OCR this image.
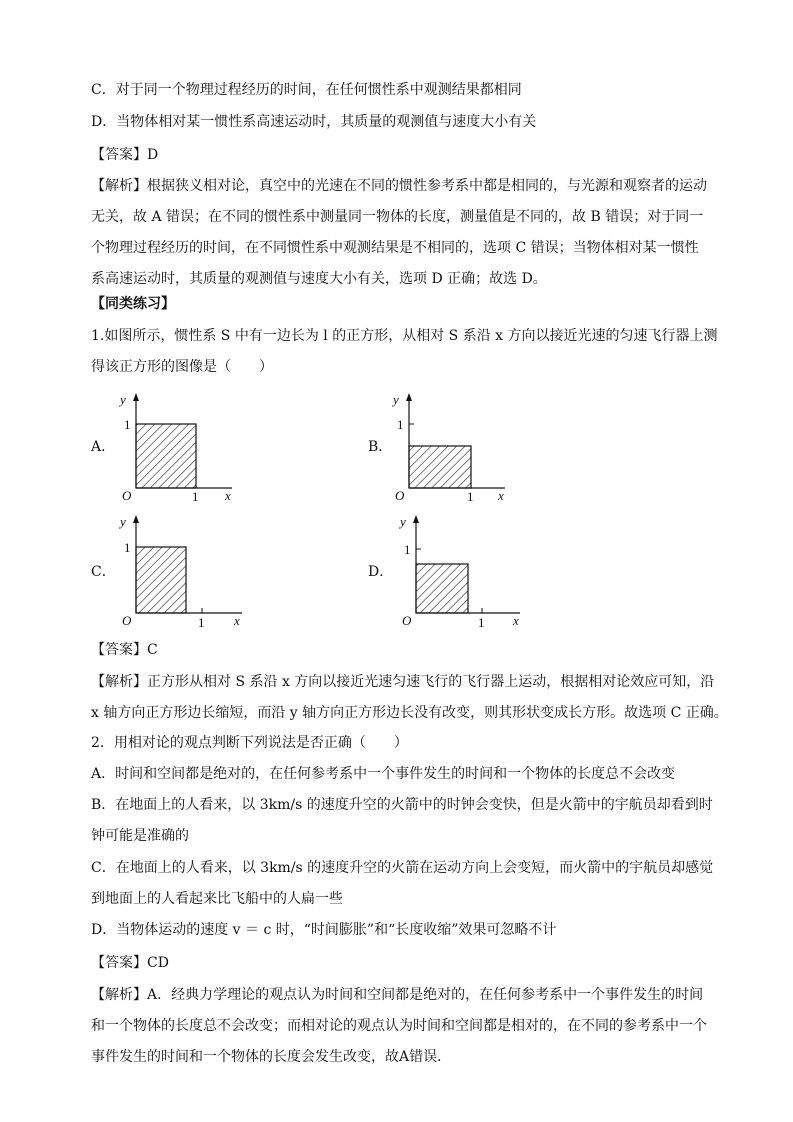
C．对于同一个物理过程经历的时间，在任何惯性系中观测结果都相同
D．当物体相对某一惯性系高速运动时，其质量的观测值与速度大小有关
【答案】D
【解析】根据狭义相对论，真空中的光速在不同的惯性参考系中都是相同的，与光源和观察者的运动
无关，故 A 错误；在不同的惯性系中测量同一物体的长度，测量值是不同的，故 B 错误；对于同一
个物理过程经历的时间，在不同惯性系中观测结果是不相同的，选项 C 错误；当物体相对某一惯性
系高速运动时，其质量的观测值与速度大小有关，选项 D 正确；故选 D。
【同类练习】
1.如图所示，惯性系 S 中有一边长为 l 的正方形，从相对 S 系沿 x 方向以接近光速的匀速飞行器上测
得该正方形的图像是（　　）
A．	B．
C．	D．
y
1
O	1 x
y
1
O	1 x
y
1
O	1 x
y
1
O	1 x
【答案】C
【解析】正方形从相对 S 系沿 x 方向以接近光速匀速飞行的飞行器上运动，根据相对论效应可知，沿
x 轴方向正方形边长缩短，而沿 y 轴方向正方形边长没有改变，则其形状变成长方形。故选项 C 正确。
2．用相对论的观点判断下列说法是否正确（　　）
A．时间和空间都是绝对的，在任何参考系中一个事件发生的时间和一个物体的长度总不会改变
B．在地面上的人看来，以 3km/s 的速度升空的火箭中的时钟会变快，但是火箭中的宇航员却看到时
钟可能是准确的
C．在地面上的人看来，以 3km/s 的速度升空的火箭在运动方向上会变短，而火箭中的宇航员却感觉
到地面上的人看起来比飞船中的人扁一些
D．当物体运动的速度 v ＝ c 时，“时间膨胀”和“长度收缩”效果可忽略不计
【答案】CD
【解析】A．经典力学理论的观点认为时间和空间都是绝对的，在任何参考系中一个事件发生的时间
和一个物体的长度总不会改变；而相对论的观点认为时间和空间都是相对的，在不同的参考系中一个
事件发生的时间和一个物体的长度会发生改变，故A错误．
